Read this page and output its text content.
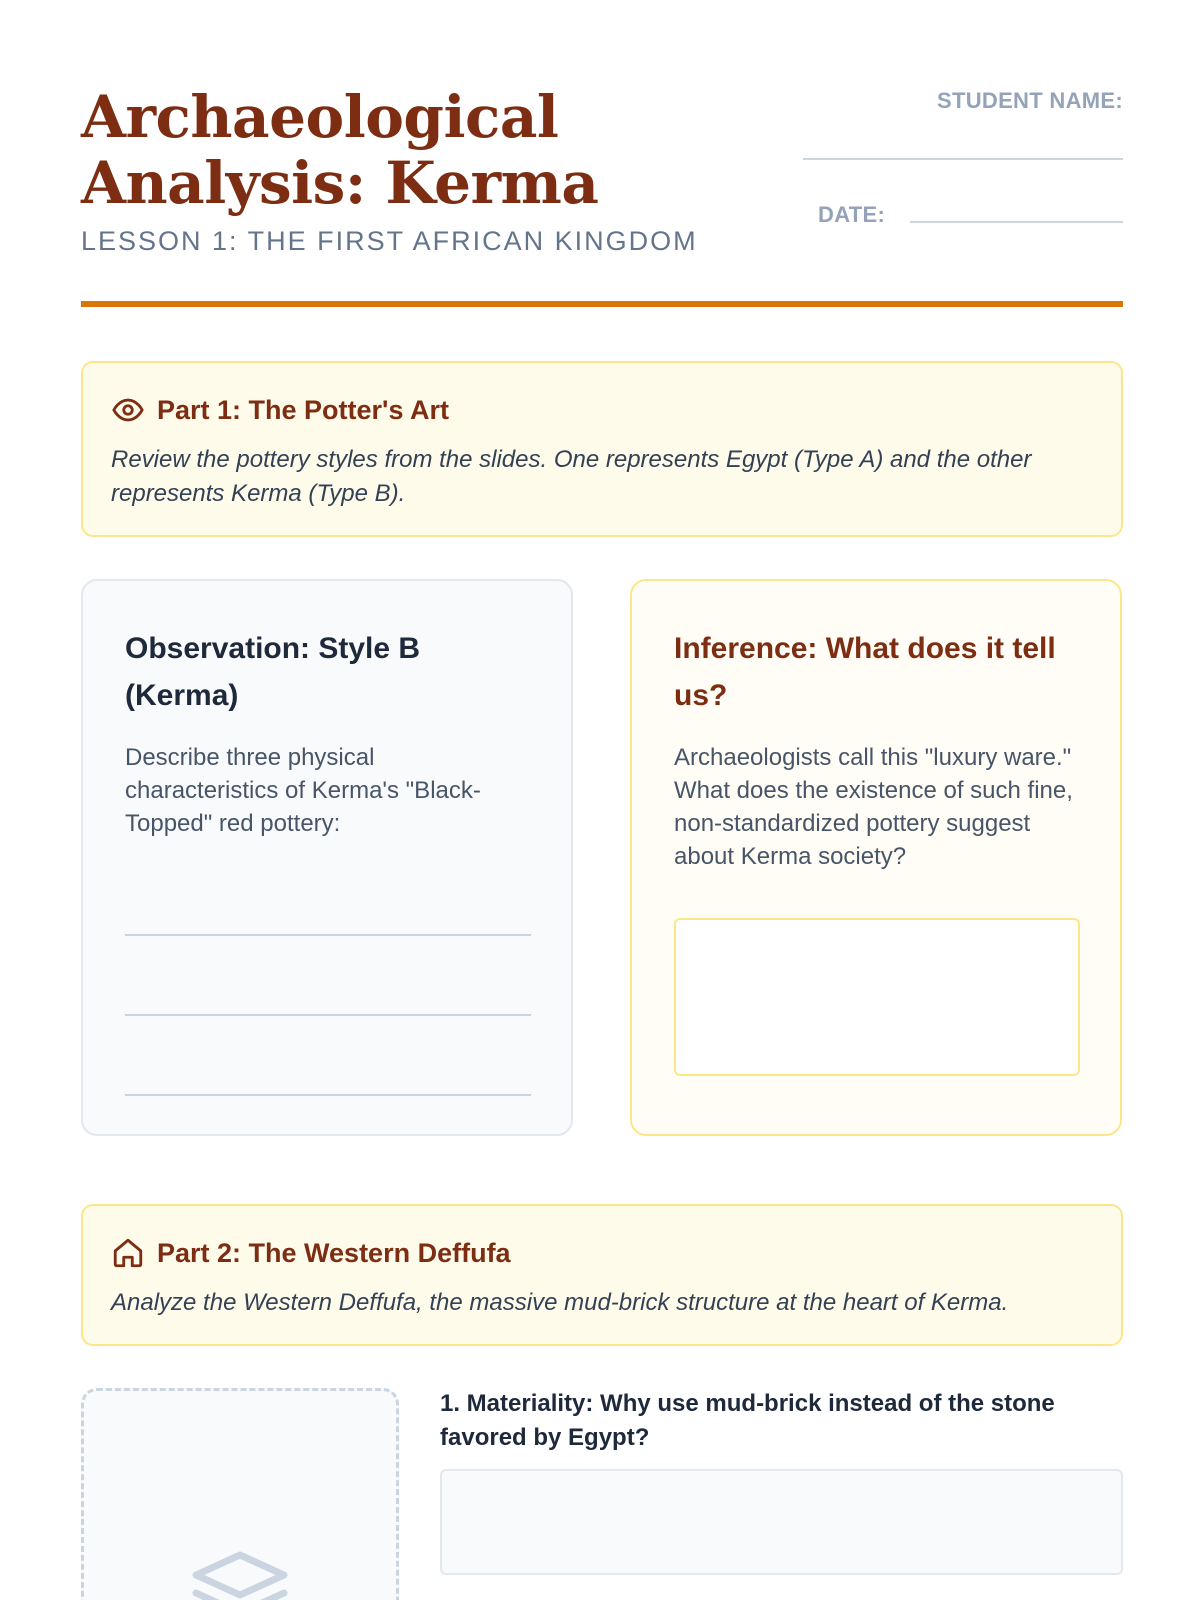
Archaeological
Analysis: Kerma
LESSON 1: THE FIRST AFRICAN KINGDOM
STUDENT NAME:
DATE:
Part 1: The Potter's Art
Review the pottery styles from the slides. One represents Egypt (Type A) and the other represents Kerma (Type B).
Observation: Style B (Kerma)
Describe three physical characteristics of Kerma's "Black-Topped" red pottery:
Inference: What does it tell us?
Archaeologists call this "luxury ware." What does the existence of such fine, non-standardized pottery suggest about Kerma society?
Part 2: The Western Deffufa
Analyze the Western Deffufa, the massive mud-brick structure at the heart of Kerma.
1. Materiality: Why use mud-brick instead of the stone favored by Egypt?
